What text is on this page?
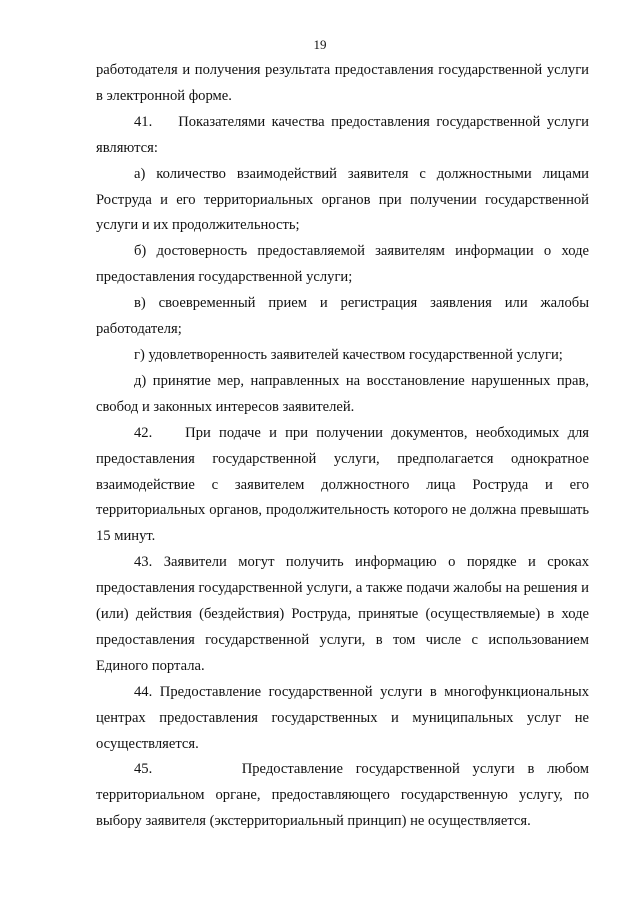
19

работодателя и получения результата предоставления государственной услуги в электронной форме.

41.    Показателями качества предоставления государственной услуги являются:

а) количество взаимодействий заявителя с должностными лицами Роструда и его территориальных органов при получении государственной услуги и их продолжительность;

б) достоверность предоставляемой заявителям информации о ходе предоставления государственной услуги;

в) своевременный прием и регистрация заявления или жалобы работодателя;

г) удовлетворенность заявителей качеством государственной услуги;

д) принятие мер, направленных на восстановление нарушенных прав, свобод и законных интересов заявителей.

42.    При подаче и при получении документов, необходимых для предоставления государственной услуги, предполагается однократное взаимодействие с заявителем должностного лица Роструда и его территориальных органов, продолжительность которого не должна превышать 15 минут.

43. Заявители могут получить информацию о порядке и сроках предоставления государственной услуги, а также подачи жалобы на решения и (или) действия (бездействия) Роструда, принятые (осуществляемые) в ходе предоставления государственной услуги, в том числе с использованием Единого портала.

44. Предоставление государственной услуги в многофункциональных центрах предоставления государственных и муниципальных услуг не осуществляется.

45.       Предоставление государственной услуги в любом территориальном органе, предоставляющего государственную услугу, по выбору заявителя (экстерриториальный принцип) не осуществляется.
